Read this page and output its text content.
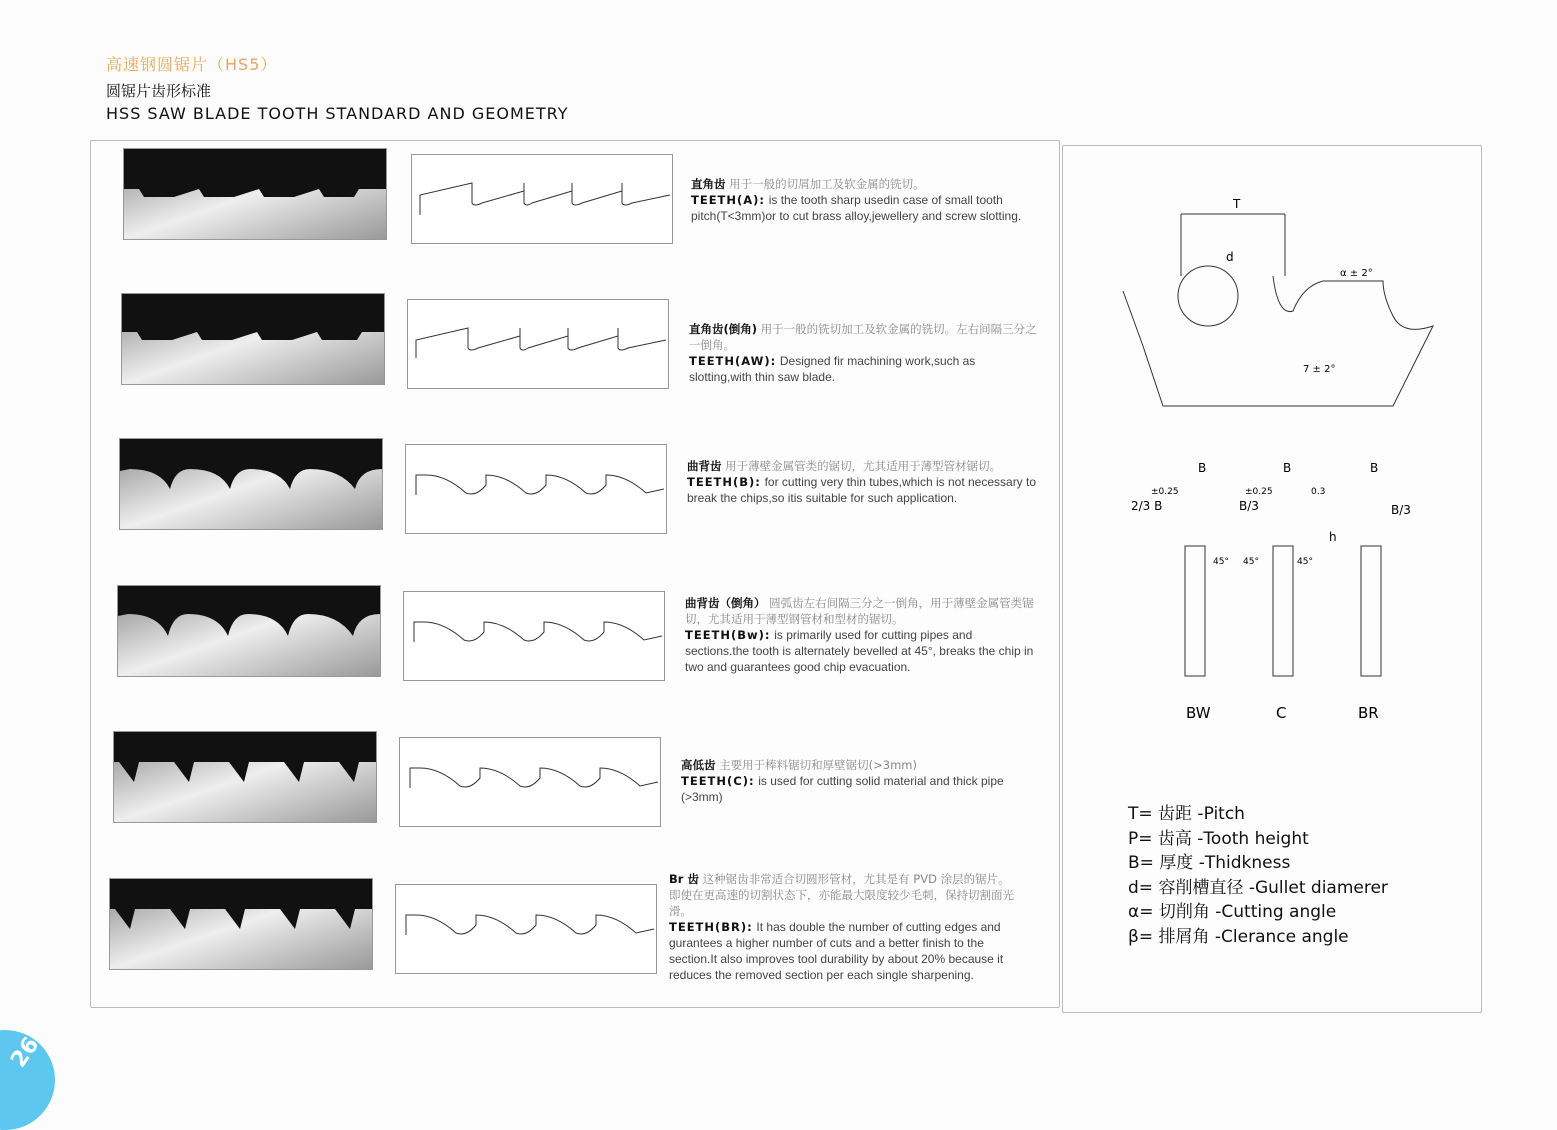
高速钢圆锯片（HS5）
圆锯片齿形标准
HSS SAW BLADE TOOTH STANDARD AND GEOMETRY
直角齿 用于一般的切屑加工及软金属的铣切。
TEETH(A): is the tooth sharp usedin case of small tooth pitch(T<3mm)or to cut brass alloy,jewellery and screw slotting.
直角齿(倒角) 用于一般的铣切加工及软金属的铣切。左右间隔三分之一倒角。
TEETH(AW): Designed fir machining work,such as slotting,with thin saw blade.
曲背齿 用于薄壁金属管类的锯切，尤其适用于薄型管材锯切。
TEETH(B): for cutting very thin tubes,which is not necessary to break the chips,so itis suitable for such application.
曲背齿（倒角） 圆弧齿左右间隔三分之一倒角，用于薄壁金属管类锯切，尤其适用于薄型钢管材和型材的锯切。
TEETH(Bw): is primarily used for cutting pipes and sections.the tooth is alternately bevelled at 45°, breaks the chip in two and guarantees good chip evacuation.
高低齿 主要用于棒料锯切和厚壁锯切(>3mm)
TEETH(C): is used for cutting solid material and thick pipe (>3mm)
Br 齿 这种锯齿非常适合切圆形管材，尤其是有 PVD 涂层的锯片。即使在更高速的切割状态下，亦能最大限度较少毛刺，保持切割面光滑。
TEETH(BR): It has double the number of cutting edges and gurantees a higher number of cuts and a better finish to the section.It also improves tool durability by about 20% because it reduces the removed section per each single sharpening.
T
d
α ± 2°
7 ± 2°
B	B	B
±0.25
2/3 B
±0.25
B/3
0.3
B/3
45° 45°	45°
h
BW	C	BR
T= 齿距 -Pitch
P= 齿高 -Tooth height
B= 厚度 -Thidkness
d= 容削槽直径 -Gullet diamerer
α= 切削角 -Cutting angle
β= 排屑角 -Clerance angle
26
